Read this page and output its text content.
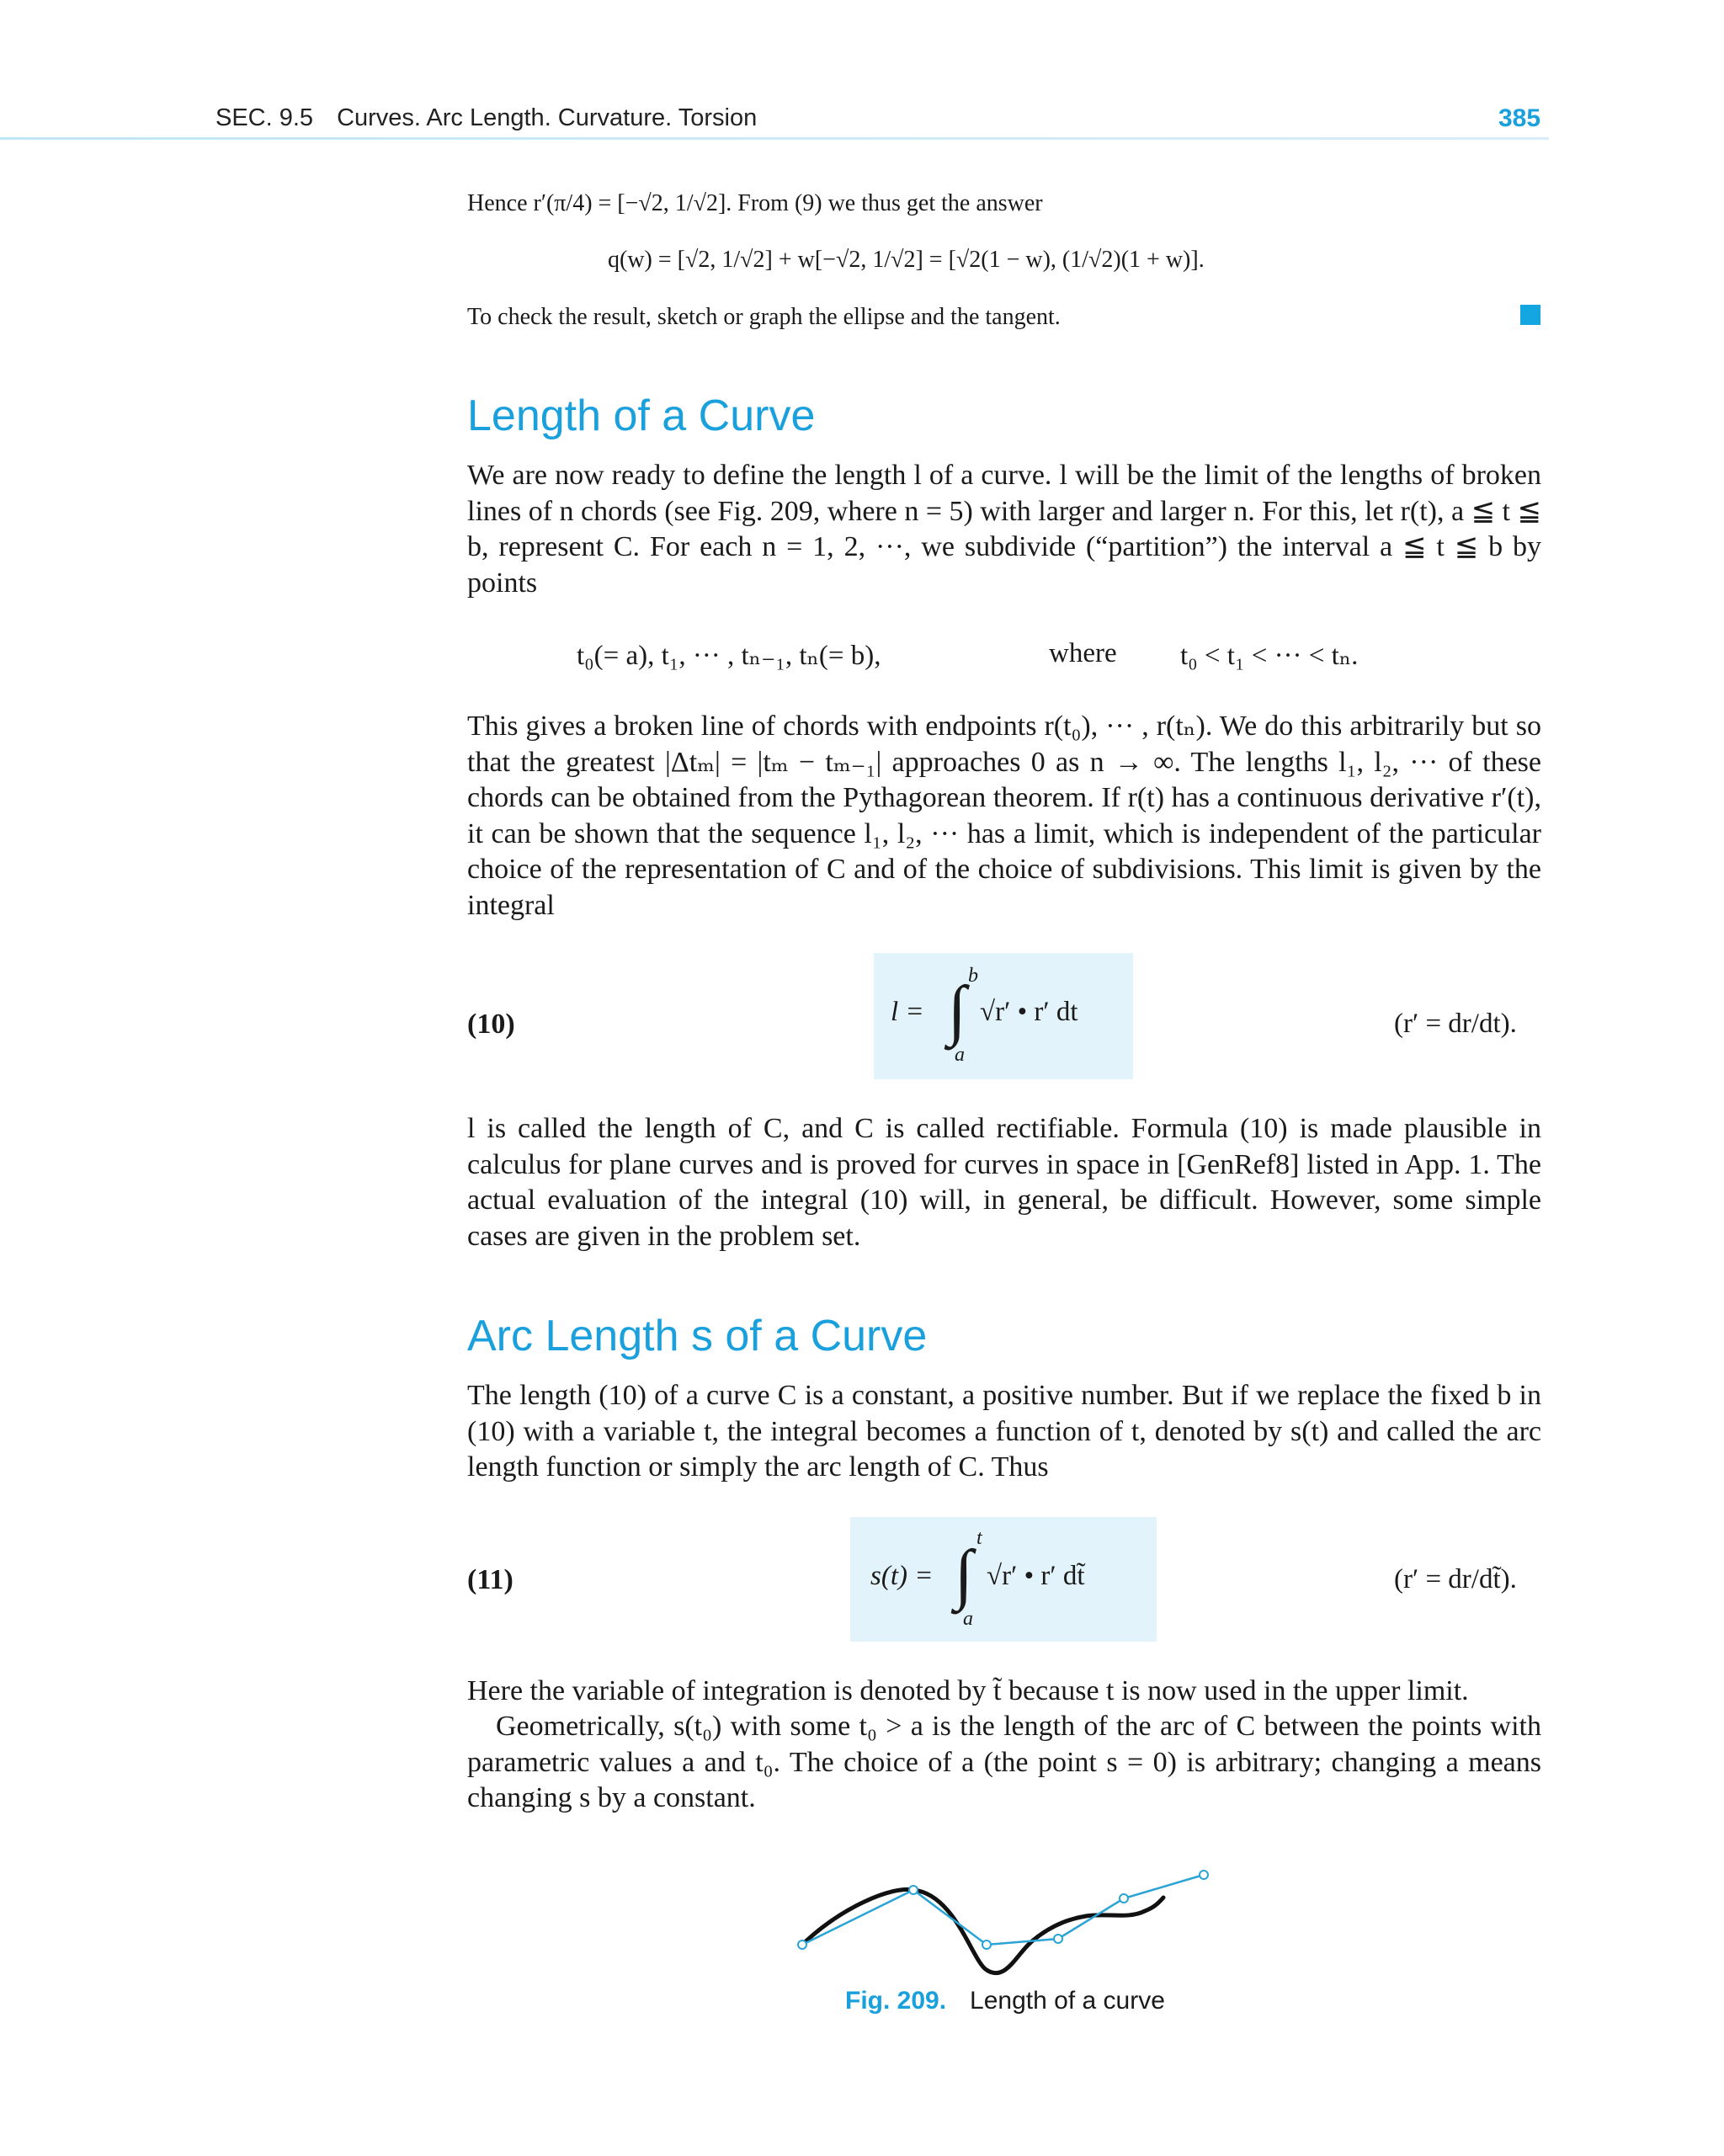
SEC. 9.5 Curves. Arc Length. Curvature. Torsion	385
Hence r′(π/4) = [−√2, 1/√2]. From (9) we thus get the answer
q(w) = [√2, 1/√2] + w[−√2, 1/√2] = [√2(1 − w), (1/√2)(1 + w)].
To check the result, sketch or graph the ellipse and the tangent.
Length of a Curve
We are now ready to define the length l of a curve. l will be the limit of the lengths of broken lines of n chords (see Fig. 209, where n = 5) with larger and larger n. For this, let r(t), a ≦ t ≦ b, represent C. For each n = 1, 2, ···, we subdivide (“partition”) the interval a ≦ t ≦ b by points
t₀(= a), t₁, ··· , tₙ₋₁, tₙ(= b),	where t₀ < t₁ < ··· < tₙ.
This gives a broken line of chords with endpoints r(t₀), ··· , r(tₙ). We do this arbitrarily but so that the greatest |Δtₘ| = |tₘ − tₘ₋₁| approaches 0 as n → ∞. The lengths l₁, l₂, ··· of these chords can be obtained from the Pythagorean theorem. If r(t) has a continuous derivative r′(t), it can be shown that the sequence l₁, l₂, ··· has a limit, which is independent of the particular choice of the representation of C and of the choice of subdivisions. This limit is given by the integral
(10)	l = ∫ b
a
√r′ • r′ dt	(r′ = dr/dt).
l is called the length of C, and C is called rectifiable. Formula (10) is made plausible in calculus for plane curves and is proved for curves in space in [GenRef8] listed in App. 1. The actual evaluation of the integral (10) will, in general, be difficult. However, some simple cases are given in the problem set.
Arc Length s of a Curve
The length (10) of a curve C is a constant, a positive number. But if we replace the fixed b in (10) with a variable t, the integral becomes a function of t, denoted by s(t) and called the arc length function or simply the arc length of C. Thus
(11)	s(t) = ∫ t
a
√r′ • r′ dt̃	(r′ = dr/dt̃).
Here the variable of integration is denoted by t̃ because t is now used in the upper limit.
Geometrically, s(t₀) with some t₀ > a is the length of the arc of C between the points with parametric values a and t₀. The choice of a (the point s = 0) is arbitrary; changing a means changing s by a constant.
Fig. 209. Length of a curve
